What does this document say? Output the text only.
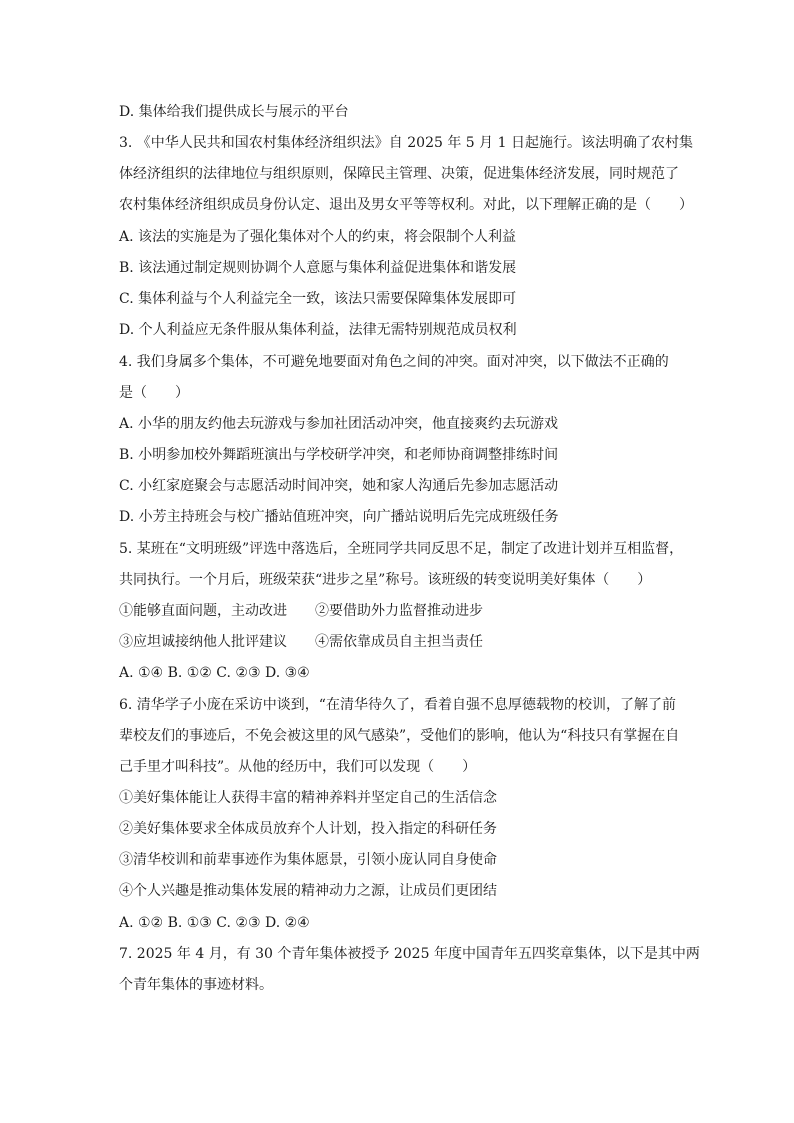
D. 集体给我们提供成长与展示的平台
3. 《中华人民共和国农村集体经济组织法》自 2025 年 5 月 1 日起施行。该法明确了农村集
体经济组织的法律地位与组织原则，保障民主管理、决策，促进集体经济发展，同时规范了
农村集体经济组织成员身份认定、退出及男女平等等权利。对此，以下理解正确的是（　　）
A. 该法的实施是为了强化集体对个人的约束，将会限制个人利益
B. 该法通过制定规则协调个人意愿与集体利益促进集体和谐发展
C. 集体利益与个人利益完全一致，该法只需要保障集体发展即可
D. 个人利益应无条件服从集体利益，法律无需特别规范成员权利
4. 我们身属多个集体，不可避免地要面对角色之间的冲突。面对冲突，以下做法不正确的
是（　　）
A. 小华的朋友约他去玩游戏与参加社团活动冲突，他直接爽约去玩游戏
B. 小明参加校外舞蹈班演出与学校研学冲突，和老师协商调整排练时间
C. 小红家庭聚会与志愿活动时间冲突，她和家人沟通后先参加志愿活动
D. 小芳主持班会与校广播站值班冲突，向广播站说明后先完成班级任务
5. 某班在“文明班级”评选中落选后，全班同学共同反思不足，制定了改进计划并互相监督，
共同执行。一个月后，班级荣获“进步之星”称号。该班级的转变说明美好集体（　　）
①能够直面问题，主动改进　　②要借助外力监督推动进步
③应坦诚接纳他人批评建议　　④需依靠成员自主担当责任
A. ①④ B. ①② C. ②③ D. ③④
6. 清华学子小庞在采访中谈到，“在清华待久了，看着自强不息厚德载物的校训，了解了前
辈校友们的事迹后，不免会被这里的风气感染”，受他们的影响，他认为“科技只有掌握在自
己手里才叫科技”。从他的经历中，我们可以发现（　　）
①美好集体能让人获得丰富的精神养料并坚定自己的生活信念
②美好集体要求全体成员放弃个人计划，投入指定的科研任务
③清华校训和前辈事迹作为集体愿景，引领小庞认同自身使命
④个人兴趣是推动集体发展的精神动力之源，让成员们更团结
A. ①② B. ①③ C. ②③ D. ②④
7. 2025 年 4 月，有 30 个青年集体被授予 2025 年度中国青年五四奖章集体，以下是其中两
个青年集体的事迹材料。
